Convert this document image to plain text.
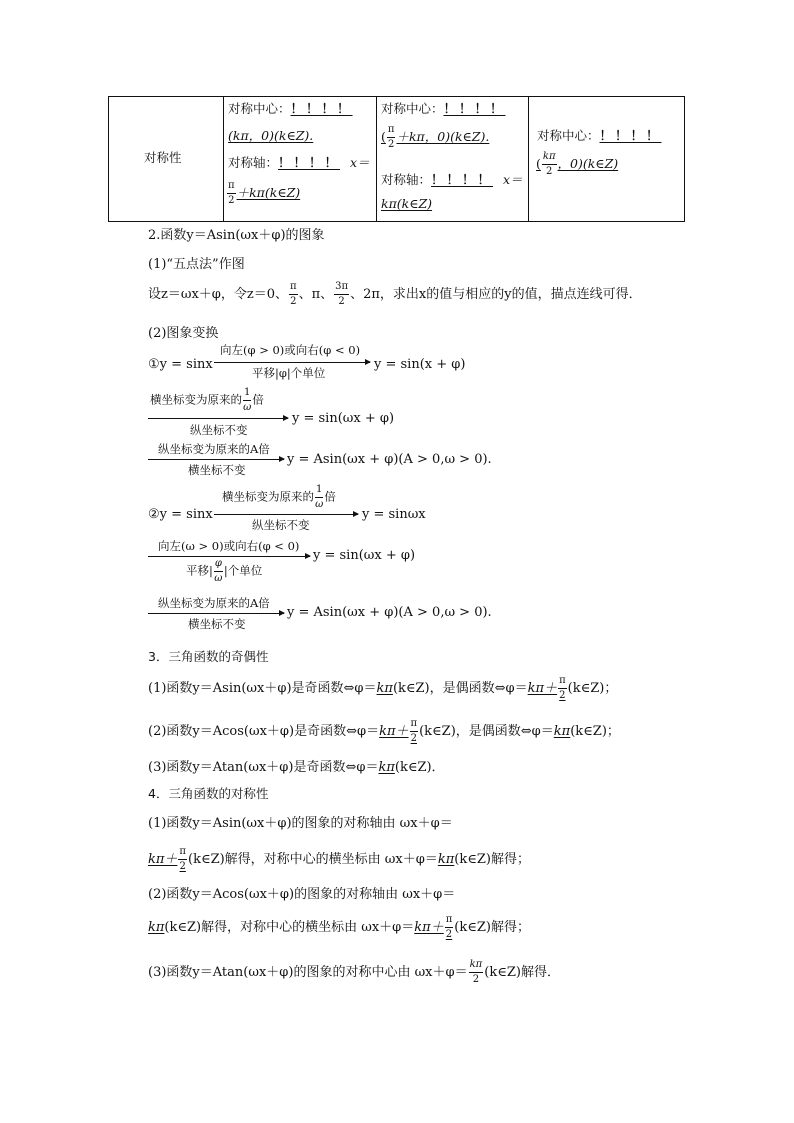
对称性
对称中心：！！！！
(kπ，0)(k∈Z).
对称轴：！！！！ x＝
$\frac{\pi}{2}$ ＋kπ(k∈Z)
对称中心：！！！！
( $\frac{\pi}{2} +k\pi$，0)(k∈Z).
对称轴：！！！！ x＝
kπ(k∈Z)
对称中心：！！！！
( $\frac{k\pi}{2}$ ，0)(k∈Z)
2.函数y＝Asin(ωx＋φ)的图象
(1)“五点法”作图
设z＝ωx＋φ，令z＝0、 $\frac{\pi}{2}$ 、π、 $\frac{3\pi}{2}$ 、2π，求出x的值与相应的y的值，描点连线可得．
(2)图象变换
①y = sinx
向左(φ > 0)或向右(φ < 0)
平移|φ|个单位
y = sin(x + φ)
横坐标变为原来的 $\frac{1}{\omega}$ 倍
纵坐标不变
y = sin(ωx + φ)
纵坐标变为原来的A倍
横坐标不变
y = Asin(ωx + φ)(A > 0,ω > 0).
②y = sinx
横坐标变为原来的 $\frac{1}{\omega}$ 倍
纵坐标不变
y = sinωx
向左(ω > 0)或向右(φ < 0)
平移| $\frac{\varphi}{\omega}$ |个单位
y = sin(ωx + φ)
纵坐标变为原来的A倍
横坐标不变
y = Asin(ωx + φ)(A > 0,ω > 0).
3．三角函数的奇偶性
(1)函数y＝Asin(ωx＋φ)是奇函数⇔φ＝kπ(k∈Z)，是偶函数⇔φ＝kπ＋ $\frac{\pi}{2}$ (k∈Z)；
(2)函数y＝Acos(ωx＋φ)是奇函数⇔φ＝kπ＋ $\frac{\pi}{2}$ (k∈Z)，是偶函数⇔φ＝kπ(k∈Z)；
(3)函数y＝Atan(ωx＋φ)是奇函数⇔φ＝kπ(k∈Z)．
4．三角函数的对称性
(1)函数y＝Asin(ωx＋φ)的图象的对称轴由 ωx＋φ＝
$k\pi+ \frac{\pi}{2}$ (k∈Z)解得，对称中心的横坐标由 ωx＋φ＝kπ(k∈Z)解得；
(2)函数y＝Acos(ωx＋φ)的图象的对称轴由 ωx＋φ＝
kπ(k∈Z)解得，对称中心的横坐标由 $\omega x+\varphi=k\pi+ \frac{\pi}{2}$ (k∈Z)解得；
(3)函数y＝Atan(ωx＋φ)的图象的对称中心由 $\omega x+\varphi= \frac{k\pi}{2}$ (k∈Z)解得．
